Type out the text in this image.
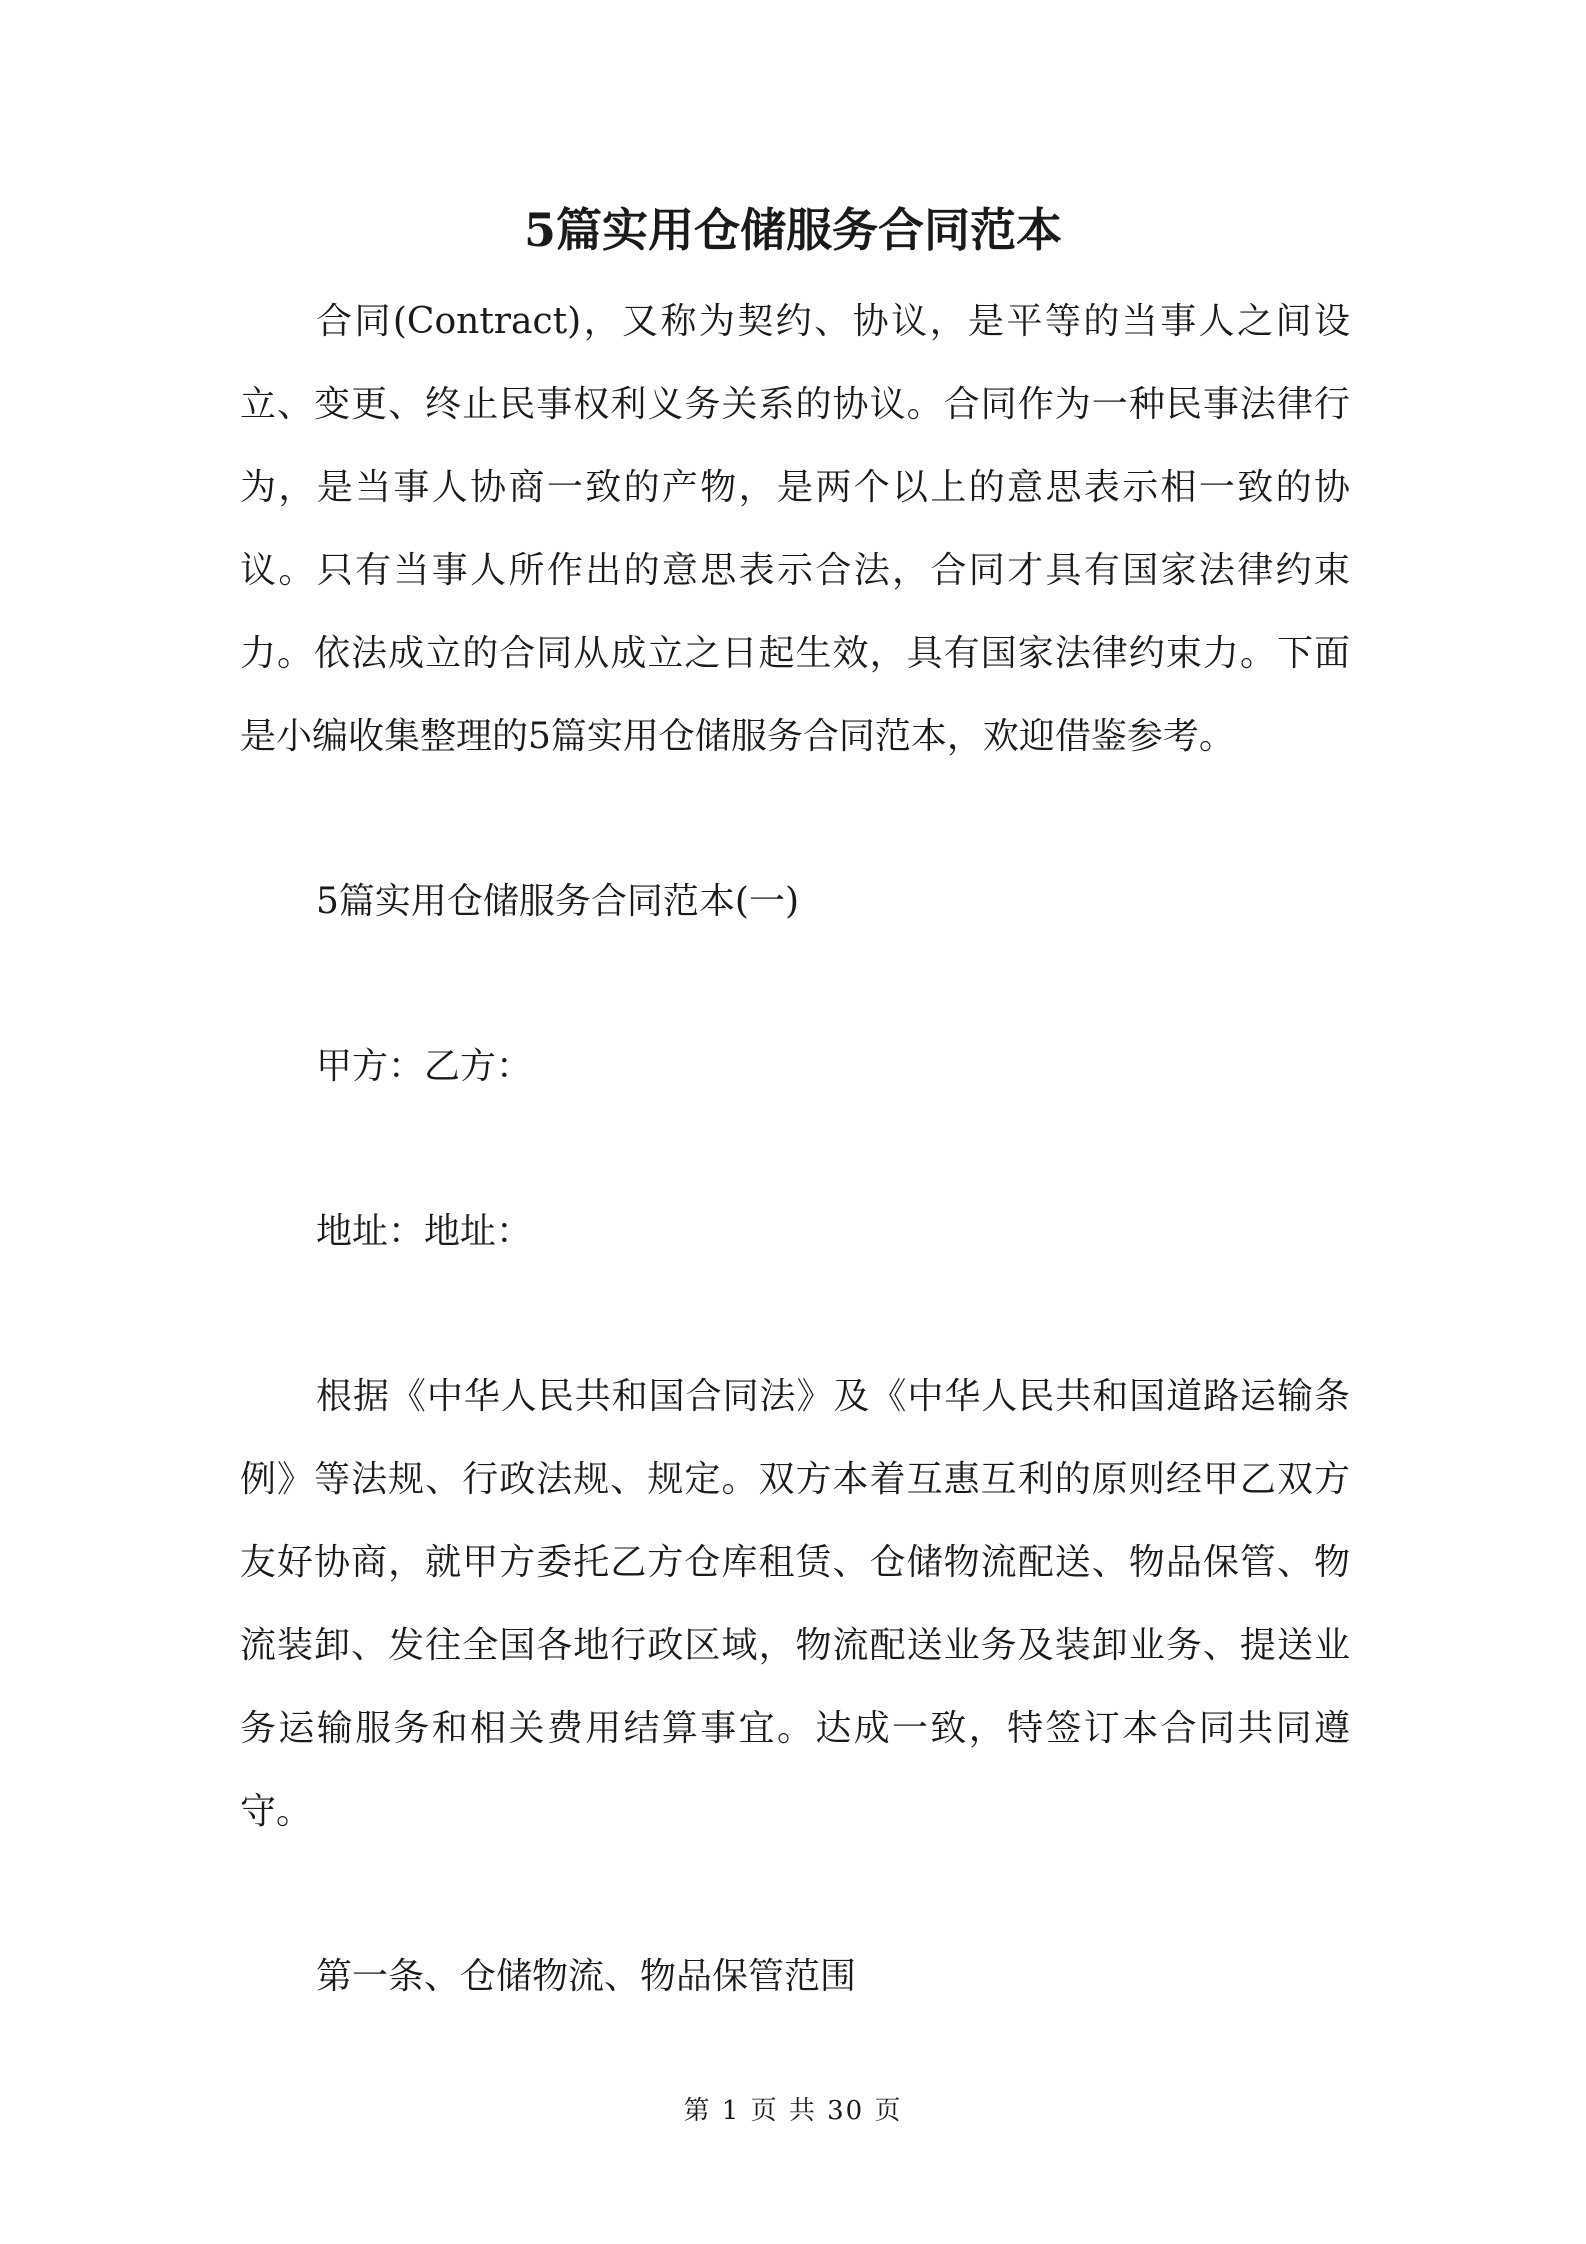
5篇实用仓储服务合同范本

合同(Contract)，又称为契约、协议，是平等的当事人之间设立、变更、终止民事权利义务关系的协议。合同作为一种民事法律行为，是当事人协商一致的产物，是两个以上的意思表示相一致的协议。只有当事人所作出的意思表示合法，合同才具有国家法律约束力。依法成立的合同从成立之日起生效，具有国家法律约束力。下面是小编收集整理的5篇实用仓储服务合同范本，欢迎借鉴参考。

5篇实用仓储服务合同范本(一)

甲方：乙方：

地址：地址：

根据《中华人民共和国合同法》及《中华人民共和国道路运输条例》等法规、行政法规、规定。双方本着互惠互利的原则经甲乙双方友好协商，就甲方委托乙方仓库租赁、仓储物流配送、物品保管、物流装卸、发往全国各地行政区域，物流配送业务及装卸业务、提送业务运输服务和相关费用结算事宜。达成一致，特签订本合同共同遵守。

第一条、仓储物流、物品保管范围

第 1 页 共 30 页
